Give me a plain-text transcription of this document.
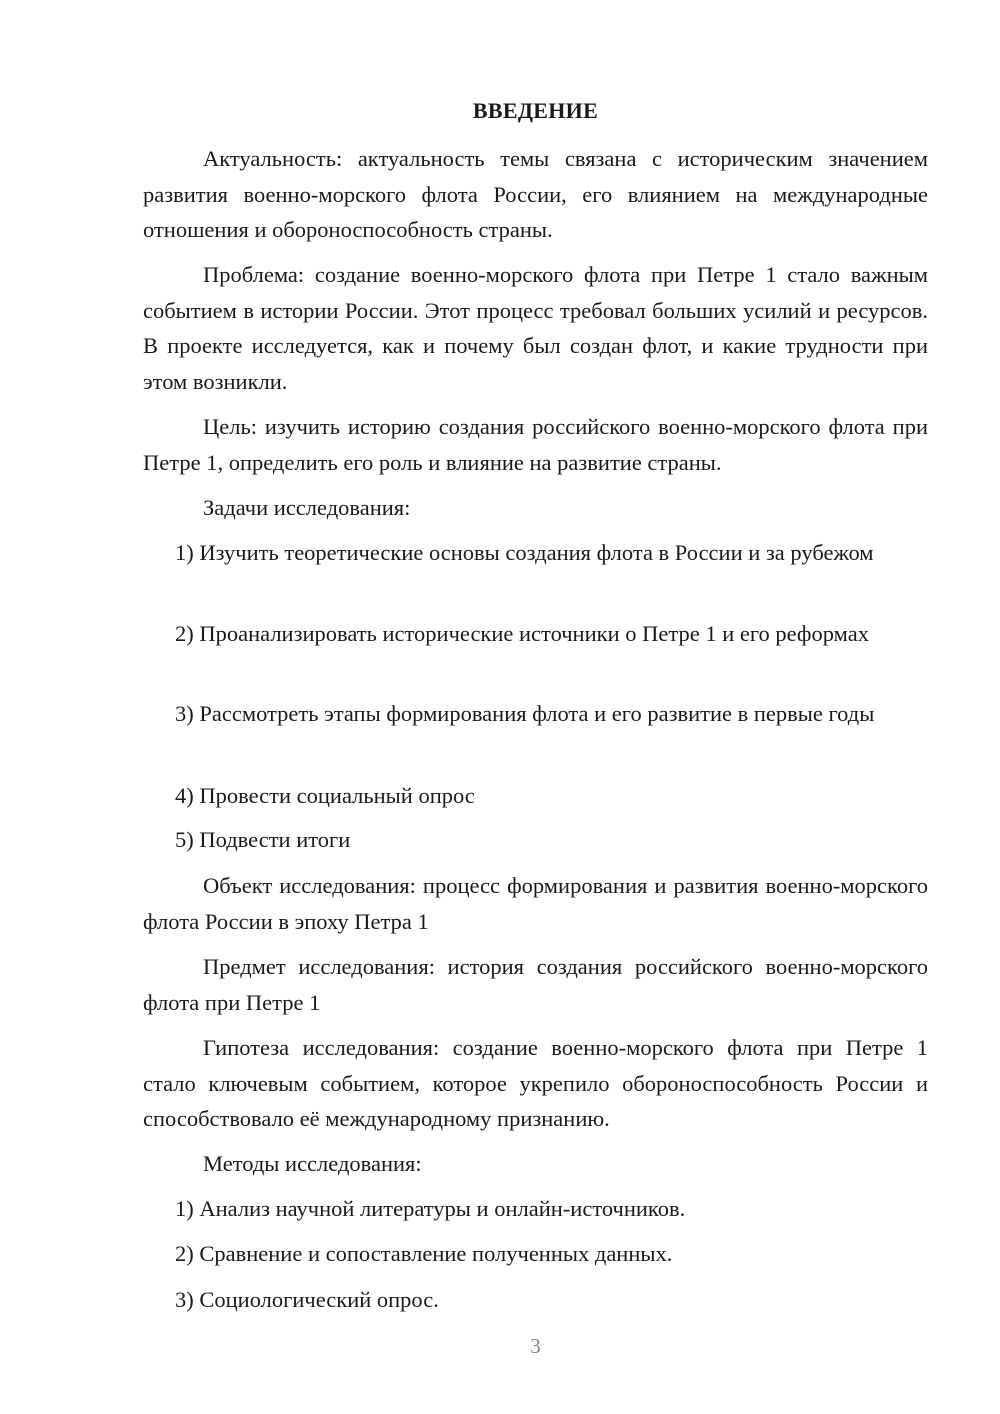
ВВЕДЕНИЕ

Актуальность: актуальность темы связана с историческим значением развития военно-морского флота России, его влиянием на международные отношения и обороноспособность страны.

Проблема: создание военно-морского флота при Петре 1 стало важным событием в истории России. Этот процесс требовал больших усилий и ресурсов. В проекте исследуется, как и почему был создан флот, и какие трудности при этом возникли.

Цель: изучить историю создания российского военно-морского флота при Петре 1, определить его роль и влияние на развитие страны.

Задачи исследования:

1) Изучить теоретические основы создания флота в России и за рубежом

2) Проанализировать исторические источники о Петре 1 и его реформах

3) Рассмотреть этапы формирования флота и его развитие в первые годы

4) Провести социальный опрос

5) Подвести итоги

Объект исследования: процесс формирования и развития военно-морского флота России в эпоху Петра 1

Предмет исследования: история создания российского военно-морского флота при Петре 1

Гипотеза исследования: создание военно-морского флота при Петре 1 стало ключевым событием, которое укрепило обороноспособность России и способствовало её международному признанию.

Методы исследования:

1) Анализ научной литературы и онлайн-источников.

2) Сравнение и сопоставление полученных данных.

3) Социологический опрос.

3
